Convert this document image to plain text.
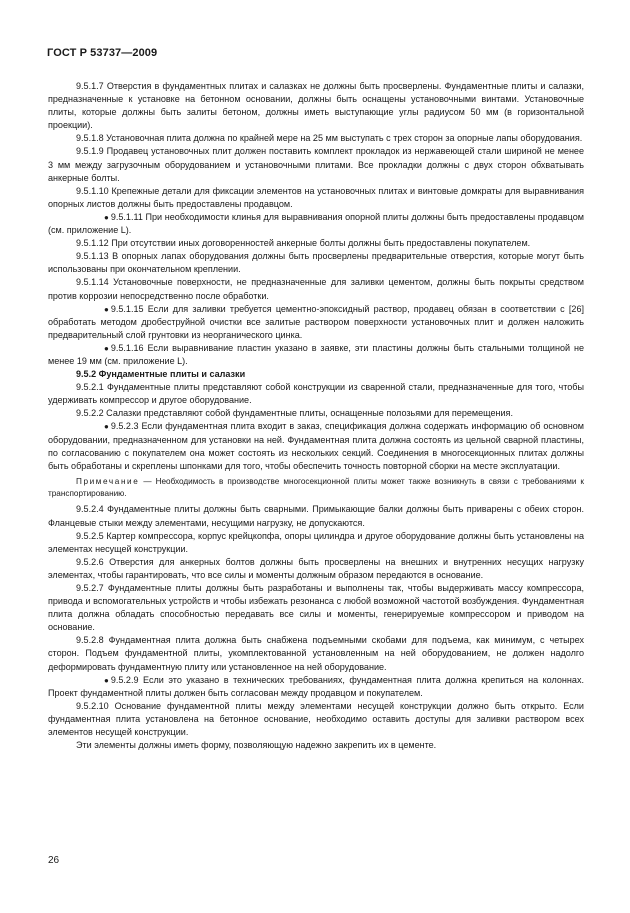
ГОСТ Р 53737—2009

9.5.1.7 Отверстия в фундаментных плитах и салазках не должны быть просверлены. Фундаментные плиты и салазки, предназначенные к установке на бетонном основании, должны быть оснащены установочными винтами. Установочные плиты, которые должны быть залиты бетоном, должны иметь выступающие углы радиусом 50 мм (в горизонтальной проекции).

9.5.1.8 Установочная плита должна по крайней мере на 25 мм выступать с трех сторон за опорные лапы оборудования.

9.5.1.9 Продавец установочных плит должен поставить комплект прокладок из нержавеющей стали шириной не менее 3 мм между загрузочным оборудованием и установочными плитами. Все прокладки должны с двух сторон обхватывать анкерные болты.

9.5.1.10 Крепежные детали для фиксации элементов на установочных плитах и винтовые домкраты для выравнивания опорных листов должны быть предоставлены продавцом.

● 9.5.1.11 При необходимости клинья для выравнивания опорной плиты должны быть предоставлены продавцом (см. приложение L).

9.5.1.12 При отсутствии иных договоренностей анкерные болты должны быть предоставлены покупателем.

9.5.1.13 В опорных лапах оборудования должны быть просверлены предварительные отверстия, которые могут быть использованы при окончательном креплении.

9.5.1.14 Установочные поверхности, не предназначенные для заливки цементом, должны быть покрыты средством против коррозии непосредственно после обработки.

● 9.5.1.15 Если для заливки требуется цементно-эпоксидный раствор, продавец обязан в соответствии с [26] обработать методом дробеструйной очистки все залитые раствором поверхности установочных плит и должен наложить предварительный слой грунтовки из неорганического цинка.

● 9.5.1.16 Если выравнивание пластин указано в заявке, эти пластины должны быть стальными толщиной не менее 19 мм (см. приложение L).

9.5.2 Фундаментные плиты и салазки

9.5.2.1 Фундаментные плиты представляют собой конструкции из сваренной стали, предназначенные для того, чтобы удерживать компрессор и другое оборудование.

9.5.2.2 Салазки представляют собой фундаментные плиты, оснащенные полозьями для перемещения.

● 9.5.2.3 Если фундаментная плита входит в заказ, спецификация должна содержать информацию об основном оборудовании, предназначенном для установки на ней. Фундаментная плита должна состоять из цельной сварной пластины, по согласованию с покупателем она может состоять из нескольких секций. Соединения в многосекционных плитах должны быть обработаны и скреплены шпонками для того, чтобы обеспечить точность повторной сборки на месте эксплуатации.

Примечание — Необходимость в производстве многосекционной плиты может также возникнуть в связи с требованиями к транспортированию.

9.5.2.4 Фундаментные плиты должны быть сварными. Примыкающие балки должны быть приварены с обеих сторон. Фланцевые стыки между элементами, несущими нагрузку, не допускаются.

9.5.2.5 Картер компрессора, корпус крейцкопфа, опоры цилиндра и другое оборудование должны быть установлены на элементах несущей конструкции.

9.5.2.6 Отверстия для анкерных болтов должны быть просверлены на внешних и внутренних несущих нагрузку элементах, чтобы гарантировать, что все силы и моменты должным образом передаются в основание.

9.5.2.7 Фундаментные плиты должны быть разработаны и выполнены так, чтобы выдерживать массу компрессора, привода и вспомогательных устройств и чтобы избежать резонанса с любой возможной частотой возбуждения. Фундаментная плита должна обладать способностью передавать все силы и моменты, генерируемые компрессором и приводом на основание.

9.5.2.8 Фундаментная плита должна быть снабжена подъемными скобами для подъема, как минимум, с четырех сторон. Подъем фундаментной плиты, укомплектованной установленным на ней оборудованием, не должен надолго деформировать фундаментную плиту или установленное на ней оборудование.

● 9.5.2.9 Если это указано в технических требованиях, фундаментная плита должна крепиться на колоннах. Проект фундаментной плиты должен быть согласован между продавцом и покупателем.

9.5.2.10 Основание фундаментной плиты между элементами несущей конструкции должно быть открыто. Если фундаментная плита установлена на бетонное основание, необходимо оставить доступы для заливки раствором всех элементов несущей конструкции.

Эти элементы должны иметь форму, позволяющую надежно закрепить их в цементе.

26
